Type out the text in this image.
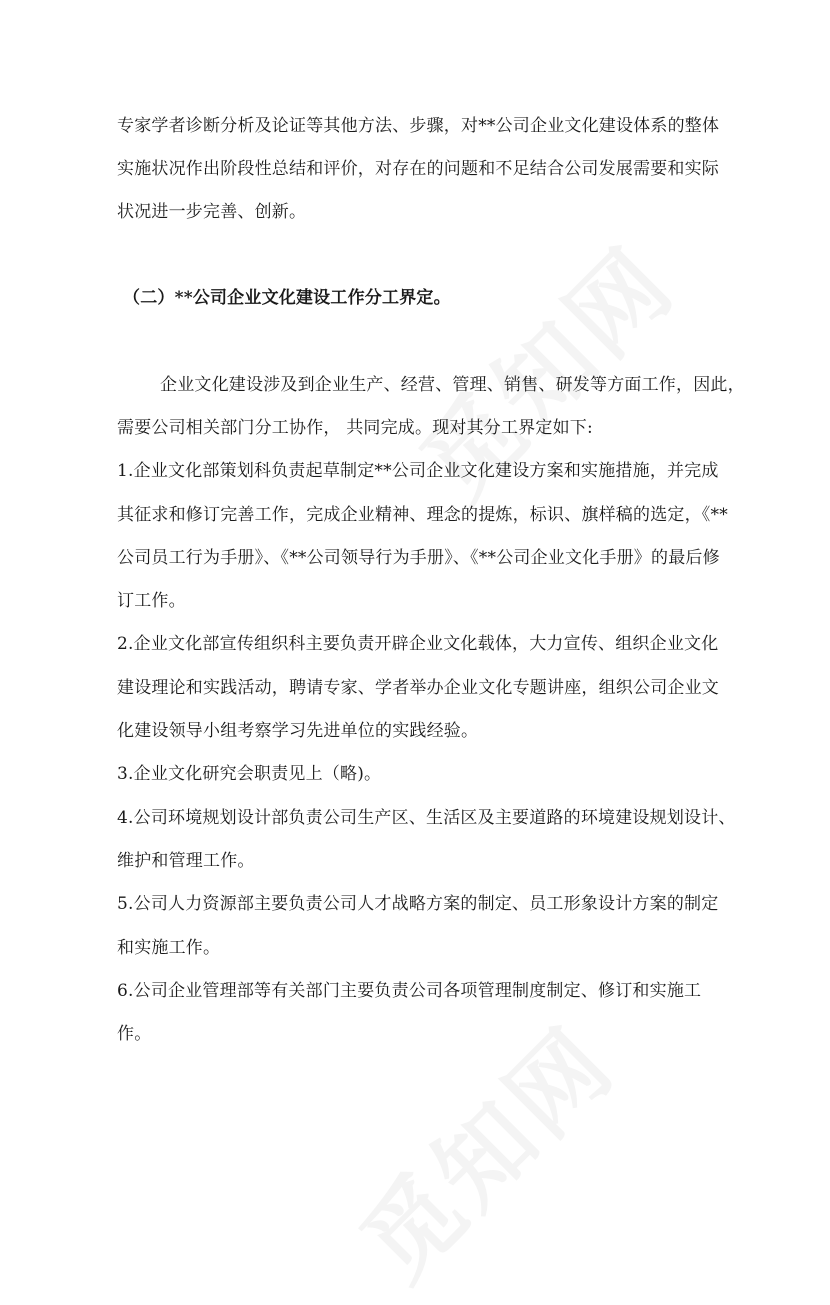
专家学者诊断分析及论证等其他方法、步骤，对**公司企业文化建设体系的整体
实施状况作出阶段性总结和评价，对存在的问题和不足结合公司发展需要和实际
状况进一步完善、创新。
（二）**公司企业文化建设工作分工界定。
企业文化建设涉及到企业生产、经营、管理、销售、研发等方面工作，因此，
需要公司相关部门分工协作， 共同完成。现对其分工界定如下:
1.企业文化部策划科负责起草制定**公司企业文化建设方案和实施措施，并完成
其征求和修订完善工作，完成企业精神、理念的提炼，标识、旗样稿的选定，《**
公司员工行为手册》、《**公司领导行为手册》、《**公司企业文化手册》的最后修
订工作。
2.企业文化部宣传组织科主要负责开辟企业文化载体，大力宣传、组织企业文化
建设理论和实践活动，聘请专家、学者举办企业文化专题讲座，组织公司企业文
化建设领导小组考察学习先进单位的实践经验。
3.企业文化研究会职责见上（略)。
4.公司环境规划设计部负责公司生产区、生活区及主要道路的环境建设规划设计、
维护和管理工作。
5.公司人力资源部主要负责公司人才战略方案的制定、员工形象设计方案的制定
和实施工作。
6.公司企业管理部等有关部门主要负责公司各项管理制度制定、修订和实施工
作。
